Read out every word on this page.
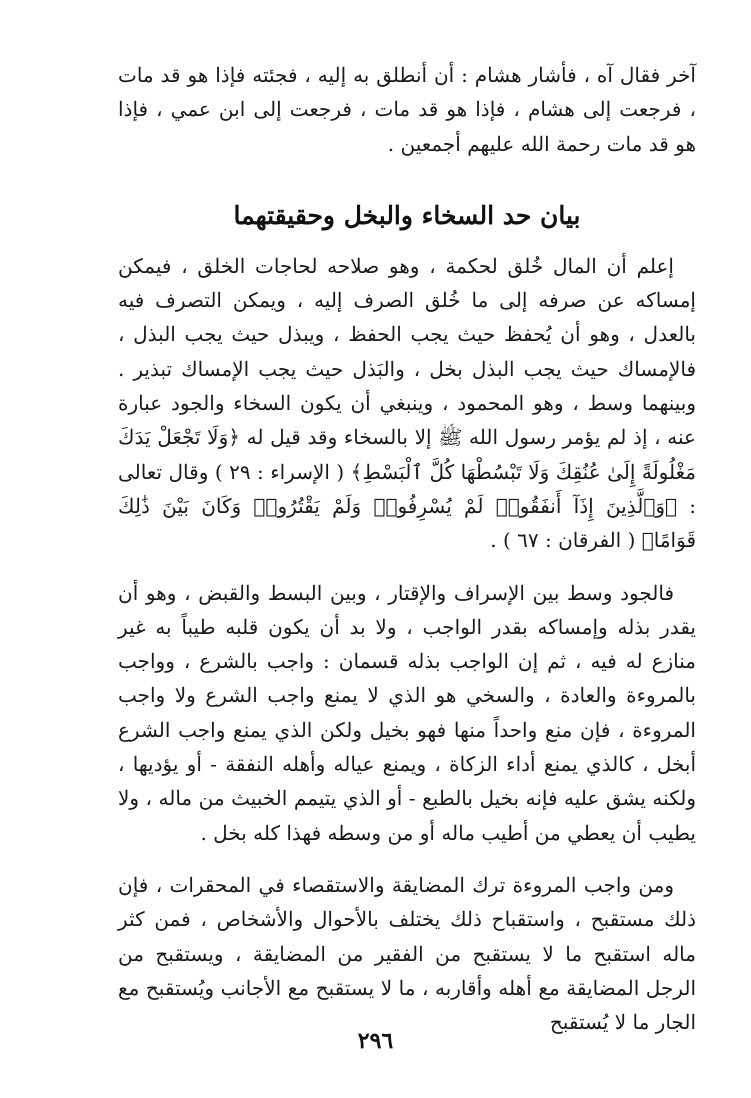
آخر فقال آه ، فأشار هشام : أن أنطلق به إليه ، فجئته فإذا هو قد مات ، فرجعت إلى هشام ، فإذا هو قد مات ، فرجعت إلى ابن عمي ، فإذا هو قد مات رحمة الله عليهم أجمعين .

بيان حد السخاء والبخل وحقيقتهما

إعلم أن المال خُلق لحكمة ، وهو صلاحه لحاجات الخلق ، فيمكن إمساكه عن صرفه إلى ما خُلق الصرف إليه ، ويمكن التصرف فيه بالعدل ، وهو أن يُحفظ حيث يجب الحفظ ، ويبذل حيث يجب البذل ، فالإمساك حيث يجب البذل بخل ، والبَذل حيث يجب الإمساك تبذير . وبينهما وسط ، وهو المحمود ، وينبغي أن يكون السخاء والجود عبارة عنه ، إذ لم يؤمر رسول الله ﷺ إلا بالسخاء وقد قيل له ﴿وَلَا تَجْعَلْ يَدَكَ مَغْلُولَةً إِلَىٰ عُنُقِكَ وَلَا تَبْسُطْهَا كُلَّ ٱلْبَسْطِ﴾ ( الإسراء : ٢٩ ) وقال تعالى : ﴿وَٱلَّذِينَ إِذَآ أَنفَقُوا۟ لَمْ يُسْرِفُوا۟ وَلَمْ يَقْتُرُوا۟ وَكَانَ بَيْنَ ذَٰلِكَ قَوَامًا﴾ ( الفرقان : ٦٧ ) .

فالجود وسط بين الإسراف والإقتار ، وبين البسط والقبض ، وهو أن يقدر بذله وإمساكه بقدر الواجب ، ولا بد أن يكون قلبه طيباً به غير منازع له فيه ، ثم إن الواجب بذله قسمان : واجب بالشرع ، وواجب بالمروءة والعادة ، والسخي هو الذي لا يمنع واجب الشرع ولا واجب المروءة ، فإن منع واحداً منها فهو بخيل ولكن الذي يمنع واجب الشرع أبخل ، كالذي يمنع أداء الزكاة ، ويمنع عياله وأهله النفقة - أو يؤديها ، ولكنه يشق عليه فإنه بخيل بالطبع - أو الذي يتيمم الخبيث من ماله ، ولا يطيب أن يعطي من أطيب ماله أو من وسطه فهذا كله بخل .

ومن واجب المروءة ترك المضايقة والاستقصاء في المحقرات ، فإن ذلك مستقبح ، واستقباح ذلك يختلف بالأحوال والأشخاص ، فمن كثر ماله استقبح ما لا يستقبح من الفقير من المضايقة ، ويستقبح من الرجل المضايقة مع أهله وأقاربه ، ما لا يستقبح مع الأجانب ويُستقبح مع الجار ما لا يُستقبح

٢٩٦
